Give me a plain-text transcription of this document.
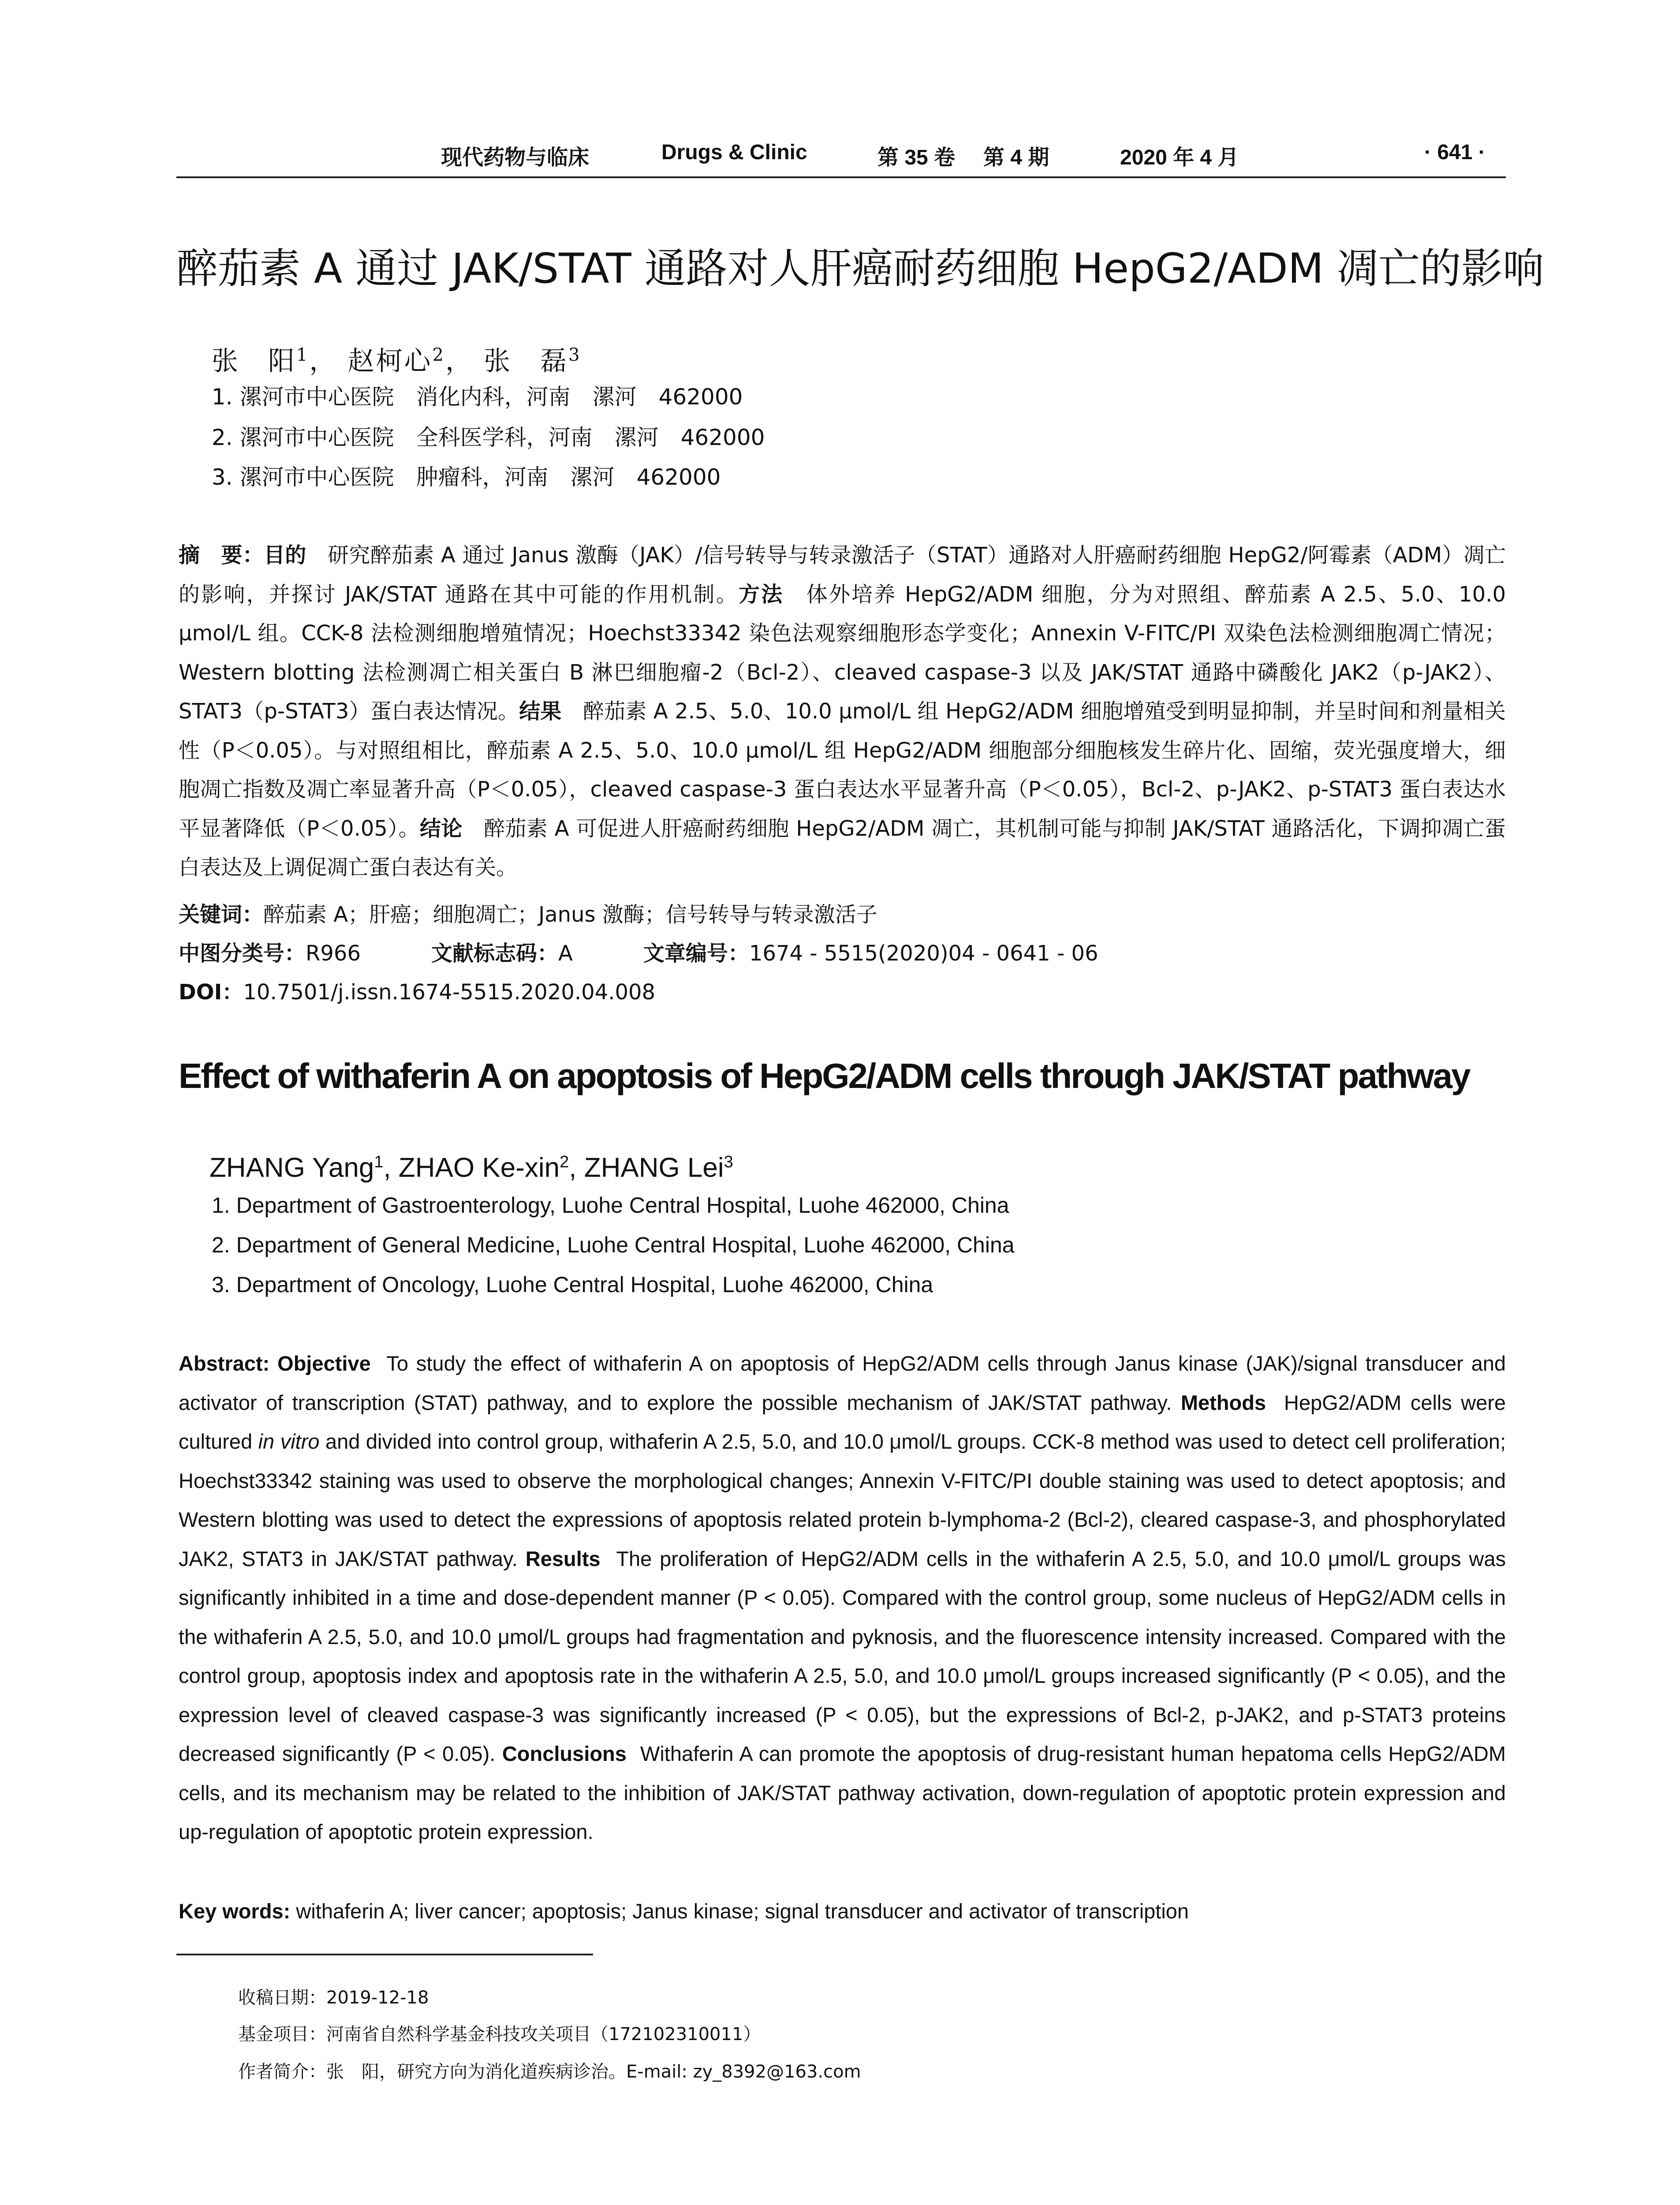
现代药物与临床	Drugs & Clinic	第 35 卷 第 4 期	2020 年 4 月	· 641 ·
醉茄素 A 通过 JAK/STAT 通路对人肝癌耐药细胞 HepG2/ADM 凋亡的影响
张　阳$^1$， 赵柯心$^2$， 张　磊$^3$
1. 漯河市中心医院　消化内科，河南　漯河　462000
2. 漯河市中心医院　全科医学科，河南　漯河　462000
3. 漯河市中心医院　肿瘤科，河南　漯河　462000
摘　要：目的　研究醉茄素 A 通过 Janus 激酶（JAK）/信号转导与转录激活子（STAT）通路对人肝癌耐药细胞 HepG2/阿霉素（ADM）凋亡的影响，并探讨 JAK/STAT 通路在其中可能的作用机制。方法　体外培养 HepG2/ADM 细胞，分为对照组、醉茄素 A 2.5、5.0、10.0 μmol/L 组。CCK-8 法检测细胞增殖情况；Hoechst33342 染色法观察细胞形态学变化；Annexin V-FITC/PI 双染色法检测细胞凋亡情况；Western blotting 法检测凋亡相关蛋白 B 淋巴细胞瘤-2（Bcl-2）、cleaved caspase-3 以及 JAK/STAT 通路中磷酸化 JAK2（p-JAK2）、STAT3（p-STAT3）蛋白表达情况。结果　醉茄素 A 2.5、5.0、10.0 μmol/L 组 HepG2/ADM 细胞增殖受到明显抑制，并呈时间和剂量相关性（P＜0.05）。与对照组相比，醉茄素 A 2.5、5.0、10.0 μmol/L 组 HepG2/ADM 细胞部分细胞核发生碎片化、固缩，荧光强度增大，细胞凋亡指数及凋亡率显著升高（P＜0.05），cleaved caspase-3 蛋白表达水平显著升高（P＜0.05），Bcl-2、p-JAK2、p-STAT3 蛋白表达水平显著降低（P＜0.05）。结论　醉茄素 A 可促进人肝癌耐药细胞 HepG2/ADM 凋亡，其机制可能与抑制 JAK/STAT 通路活化，下调抑凋亡蛋白表达及上调促凋亡蛋白表达有关。
关键词：醉茄素 A；肝癌；细胞凋亡；Janus 激酶；信号转导与转录激活子
中图分类号：R966	文献标志码：A	文章编号：1674 - 5515(2020)04 - 0641 - 06
DOI：10.7501/j.issn.1674-5515.2020.04.008
Effect of withaferin A on apoptosis of HepG2/ADM cells through JAK/STAT pathway
ZHANG Yang$^1$, ZHAO Ke-xin$^2$, ZHANG Lei$^3$
1. Department of Gastroenterology, Luohe Central Hospital, Luohe 462000, China
2. Department of General Medicine, Luohe Central Hospital, Luohe 462000, China
3. Department of Oncology, Luohe Central Hospital, Luohe 462000, China
Abstract: Objective To study the effect of withaferin A on apoptosis of HepG2/ADM cells through Janus kinase (JAK)/signal transducer and activator of transcription (STAT) pathway, and to explore the possible mechanism of JAK/STAT pathway. Methods HepG2/ADM cells were cultured in vitro and divided into control group, withaferin A 2.5, 5.0, and 10.0 μmol/L groups. CCK-8 method was used to detect cell proliferation; Hoechst33342 staining was used to observe the morphological changes; Annexin V-FITC/PI double staining was used to detect apoptosis; and Western blotting was used to detect the expressions of apoptosis related protein b-lymphoma-2 (Bcl-2), cleared caspase-3, and phosphorylated JAK2, STAT3 in JAK/STAT pathway. Results The proliferation of HepG2/ADM cells in the withaferin A 2.5, 5.0, and 10.0 μmol/L groups was significantly inhibited in a time and dose-dependent manner (P < 0.05). Compared with the control group, some nucleus of HepG2/ADM cells in the withaferin A 2.5, 5.0, and 10.0 μmol/L groups had fragmentation and pyknosis, and the fluorescence intensity increased. Compared with the control group, apoptosis index and apoptosis rate in the withaferin A 2.5, 5.0, and 10.0 μmol/L groups increased significantly (P < 0.05), and the expression level of cleaved caspase-3 was significantly increased (P < 0.05), but the expressions of Bcl-2, p-JAK2, and p-STAT3 proteins decreased significantly (P < 0.05). Conclusions Withaferin A can promote the apoptosis of drug-resistant human hepatoma cells HepG2/ADM cells, and its mechanism may be related to the inhibition of JAK/STAT pathway activation, down-regulation of apoptotic protein expression and up-regulation of apoptotic protein expression.
Key words: withaferin A; liver cancer; apoptosis; Janus kinase; signal transducer and activator of transcription
收稿日期：2019-12-18
基金项目：河南省自然科学基金科技攻关项目（172102310011）
作者简介：张　阳，研究方向为消化道疾病诊治。E-mail: zy_8392@163.com
